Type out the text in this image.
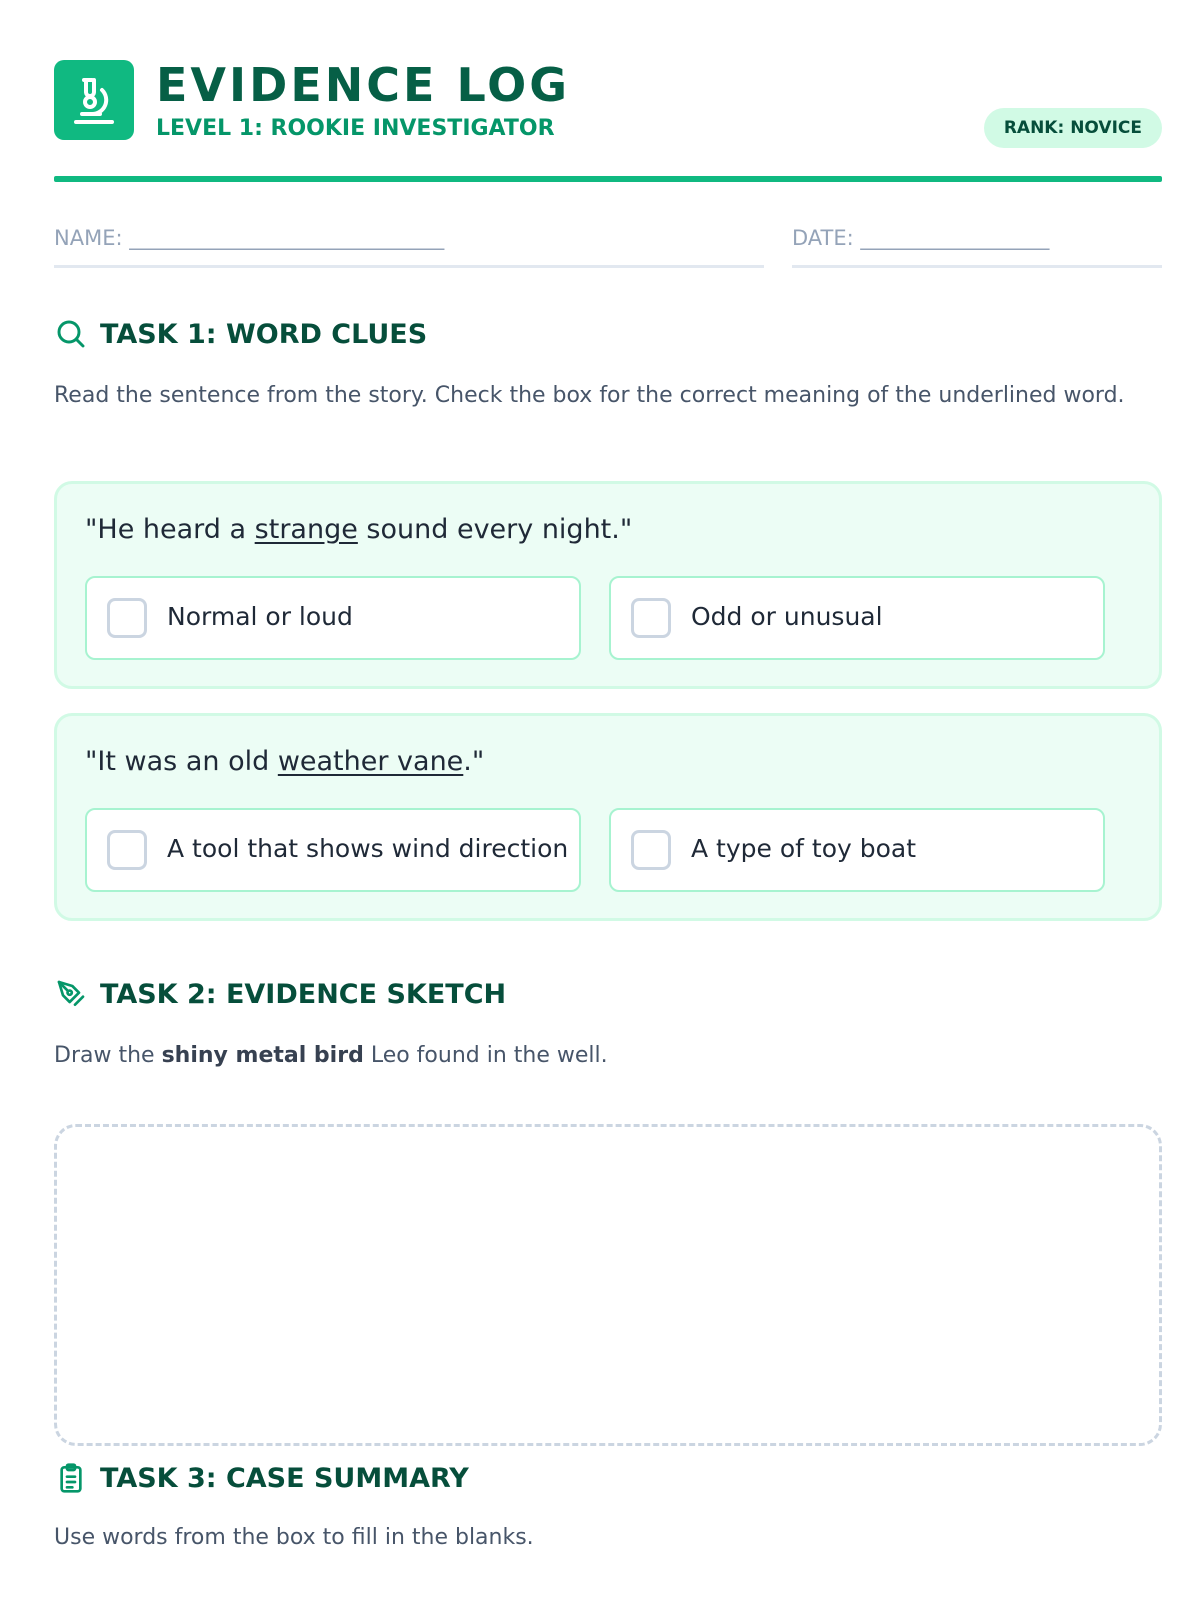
EVIDENCE LOG
LEVEL 1: ROOKIE INVESTIGATOR	RANK: NOVICE
NAME: ______________________________	DATE: __________________
TASK 1: WORD CLUES
Read the sentence from the story. Check the box for the correct meaning of the underlined word.
"He heard a strange sound every night."
Normal or loud	Odd or unusual
"It was an old weather vane."
A tool that shows wind direction	A type of toy boat
TASK 2: EVIDENCE SKETCH
Draw the shiny metal bird Leo found in the well.
TASK 3: CASE SUMMARY
Use words from the box to fill in the blanks.
